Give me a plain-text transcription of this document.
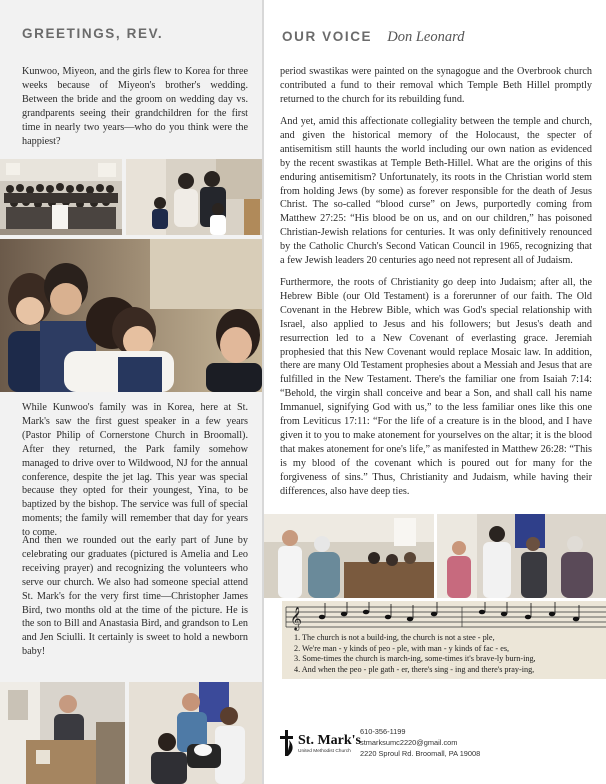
GREETINGS, REV.	OUR VOICE Don Leonard

Kunwoo, Miyeon, and the girls flew to Korea for three weeks because of Miyeon's brother's wedding. Between the bride and the groom on wedding day vs. grandparents seeing their grandchildren for the first time in nearly two years—who do you think were the happiest?

While Kunwoo's family was in Korea, here at St. Mark's saw the first guest speaker in a few years (Pastor Philip of Cornerstone Church in Broomall). After they returned, the Park family somehow managed to drive over to Wildwood, NJ for the annual conference, despite the jet lag. This year was special because they opted for their youngest, Yina, to be baptized by the bishop. The service was full of special moments; the family will remember that day for years to come.

And then we rounded out the early part of June by celebrating our graduates (pictured is Amelia and Leo receiving prayer) and recognizing the volunteers who serve our church. We also had someone special attend St. Mark's for the very first time—Christopher James Bird, two months old at the time of the picture. He is the son to Bill and Anastasia Bird, and grandson to Len and Jen Sciulli. It certainly is sweet to hold a newborn baby!

period swastikas were painted on the synagogue and the Overbrook church contributed a fund to their removal which Temple Beth Hillel promptly returned to the church for its rebuilding fund.

And yet, amid this affectionate collegiality between the temple and church, and given the historical memory of the Holocaust, the specter of antisemitism still haunts the world including our own nation as evidenced by the recent swastikas at Temple Beth-Hillel. What are the origins of this enduring antisemitism? Unfortunately, its roots in the Christian world stem from holding Jews (by some) as forever responsible for the death of Jesus Christ. The so-called “blood curse” on Jews, purportedly coming from Matthew 27:25: “His blood be on us, and on our children,” has poisoned Christian-Jewish relations for centuries. It was only definitively renounced by the Catholic Church's Second Vatican Council in 1965, recognizing that a few Jewish leaders 20 centuries ago need not represent all of Judaism.

Furthermore, the roots of Christianity go deep into Judaism; after all, the Hebrew Bible (our Old Testament) is a forerunner of our faith. The Old Covenant in the Hebrew Bible, which was God's special relationship with Israel, also applied to Jesus and his followers; but Jesus's death and resurrection led to a New Covenant of everlasting grace. Jeremiah prophesied that this New Covenant would replace Mosaic law. In addition, there are many Old Testament prophesies about a Messiah and Jesus that are fulfilled in the New Testament. There's the familiar one from Isaiah 7:14: “Behold, the virgin shall conceive and bear a Son, and shall call his name Immanuel, signifying God with us,” to the less familiar ones like this one from Leviticus 17:11: “For the life of a creature is in the blood, and I have given it to you to make atonement for yourselves on the altar; it is the blood that makes atonement for one's life,” as manifested in Matthew 26:28: “This is my blood of the covenant which is poured out for many for the forgiveness of sins.” Thus, Christianity and Judaism, while having their differences, also have deep ties.

𝄞
1. The church is not a build-ing, the church is not a stee - ple,
2. We're man - y kinds of peo - ple, with man - y kinds of fac - es,
3. Some-times the church is march-ing, some-times it's brave-ly burn-ing,
4. And when the peo - ple gath - er, there's sing - ing and there's pray-ing,
St. Mark's
United Methodist Church
610-356-1199
stmarksumc2220@gmail.com
2220 Sproul Rd. Broomall, PA 19008
